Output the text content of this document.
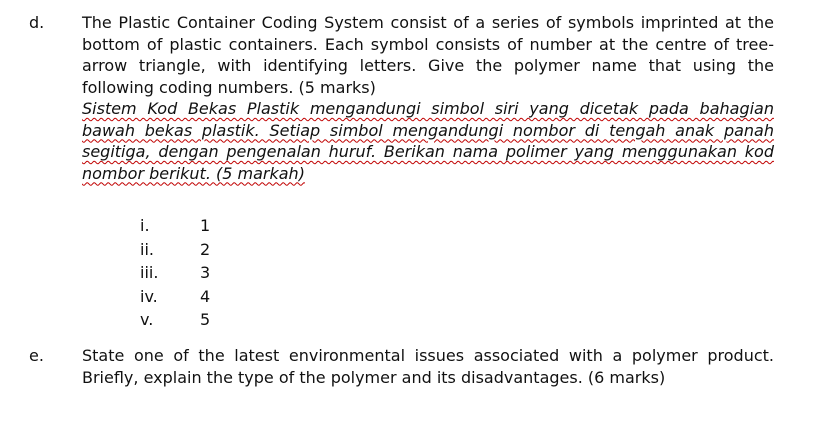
d. The Plastic Container Coding System consist of a series of symbols imprinted at the bottom of plastic containers. Each symbol consists of number at the centre of tree-arrow triangle, with identifying letters. Give the polymer name that using the following coding numbers. (5 marks)
Sistem Kod Bekas Plastik mengandungi simbol siri yang dicetak pada bahagian bawah bekas plastik. Setiap simbol mengandungi nombor di tengah anak panah segitiga, dengan pengenalan huruf. Berikan nama polimer yang menggunakan kod nombor berikut. (5 markah)
i.	1
ii.	2
iii.	3
iv.	4
v.	5
e. State one of the latest environmental issues associated with a polymer product. Briefly, explain the type of the polymer and its disadvantages. (6 marks)
